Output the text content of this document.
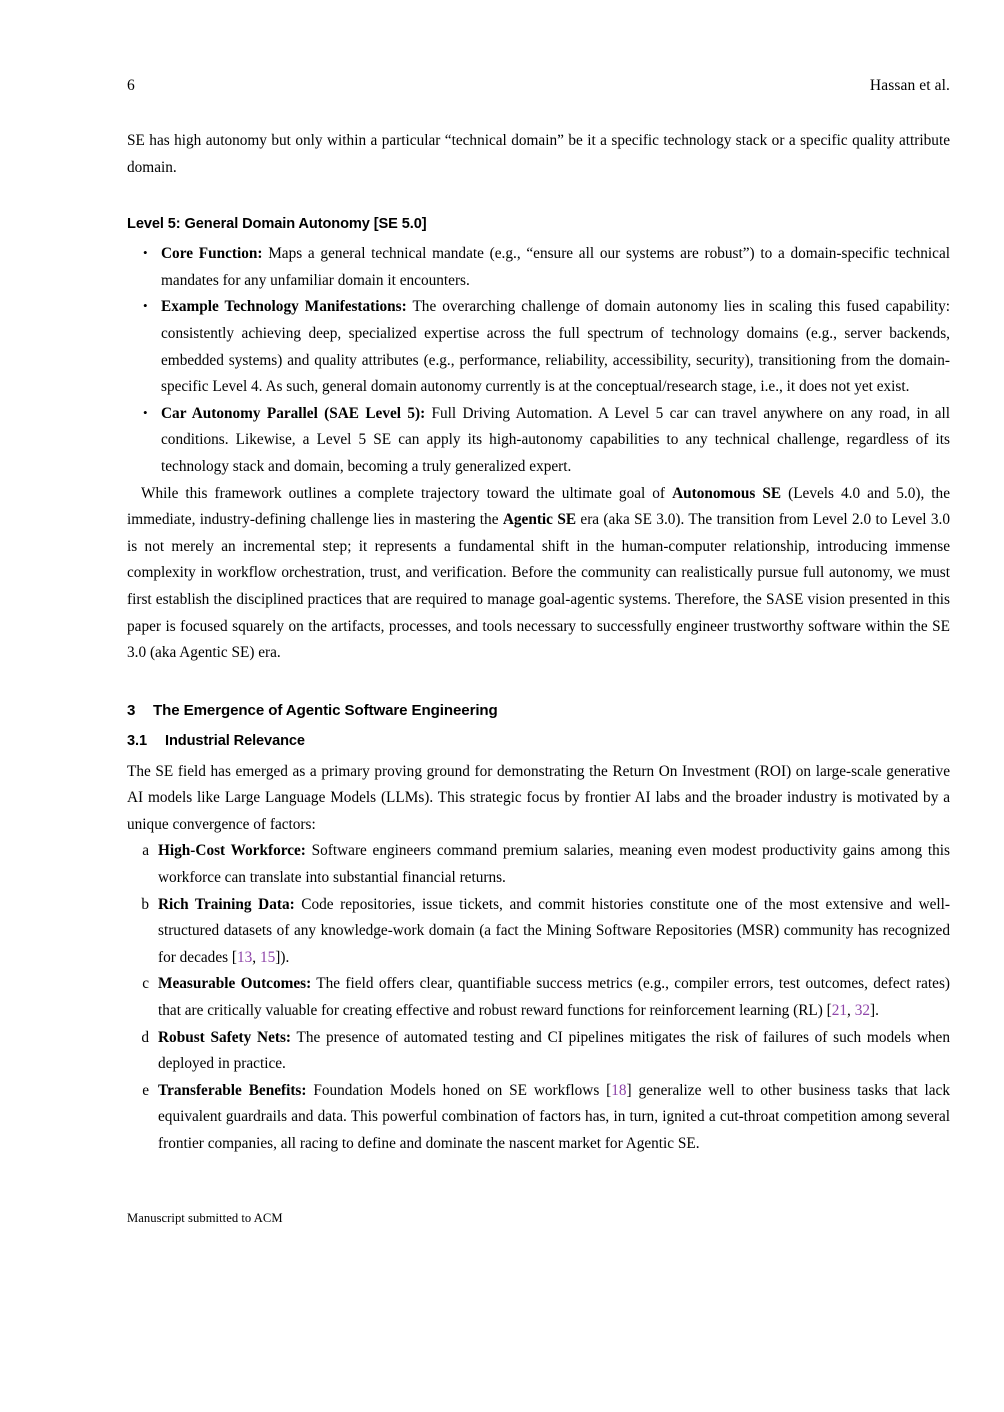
6	Hassan et al.

SE has high autonomy but only within a particular “technical domain” be it a specific technology stack or a specific quality attribute domain.

Level 5: General Domain Autonomy [SE 5.0]
• Core Function: Maps a general technical mandate (e.g., “ensure all our systems are robust”) to a domain-specific technical mandates for any unfamiliar domain it encounters.
• Example Technology Manifestations: The overarching challenge of domain autonomy lies in scaling this fused capability: consistently achieving deep, specialized expertise across the full spectrum of technology domains (e.g., server backends, embedded systems) and quality attributes (e.g., performance, reliability, accessibility, security), transitioning from the domain-specific Level 4. As such, general domain autonomy currently is at the conceptual/research stage, i.e., it does not yet exist.
• Car Autonomy Parallel (SAE Level 5): Full Driving Automation. A Level 5 car can travel anywhere on any road, in all conditions. Likewise, a Level 5 SE can apply its high-autonomy capabilities to any technical challenge, regardless of its technology stack and domain, becoming a truly generalized expert.

While this framework outlines a complete trajectory toward the ultimate goal of Autonomous SE (Levels 4.0 and 5.0), the immediate, industry-defining challenge lies in mastering the Agentic SE era (aka SE 3.0). The transition from Level 2.0 to Level 3.0 is not merely an incremental step; it represents a fundamental shift in the human-computer relationship, introducing immense complexity in workflow orchestration, trust, and verification. Before the community can realistically pursue full autonomy, we must first establish the disciplined practices that are required to manage goal-agentic systems. Therefore, the SASE vision presented in this paper is focused squarely on the artifacts, processes, and tools necessary to successfully engineer trustworthy software within the SE 3.0 (aka Agentic SE) era.

3 The Emergence of Agentic Software Engineering
3.1 Industrial Relevance

The SE field has emerged as a primary proving ground for demonstrating the Return On Investment (ROI) on large-scale generative AI models like Large Language Models (LLMs). This strategic focus by frontier AI labs and the broader industry is motivated by a unique convergence of factors:

a High-Cost Workforce: Software engineers command premium salaries, meaning even modest productivity gains among this workforce can translate into substantial financial returns.
b Rich Training Data: Code repositories, issue tickets, and commit histories constitute one of the most extensive and well-structured datasets of any knowledge-work domain (a fact the Mining Software Repositories (MSR) community has recognized for decades [13, 15]).
c Measurable Outcomes: The field offers clear, quantifiable success metrics (e.g., compiler errors, test outcomes, defect rates) that are critically valuable for creating effective and robust reward functions for reinforcement learning (RL) [21, 32].
d Robust Safety Nets: The presence of automated testing and CI pipelines mitigates the risk of failures of such models when deployed in practice.
e Transferable Benefits: Foundation Models honed on SE workflows [18] generalize well to other business tasks that lack equivalent guardrails and data. This powerful combination of factors has, in turn, ignited a cut-throat competition among several frontier companies, all racing to define and dominate the nascent market for Agentic SE.
Manuscript submitted to ACM
